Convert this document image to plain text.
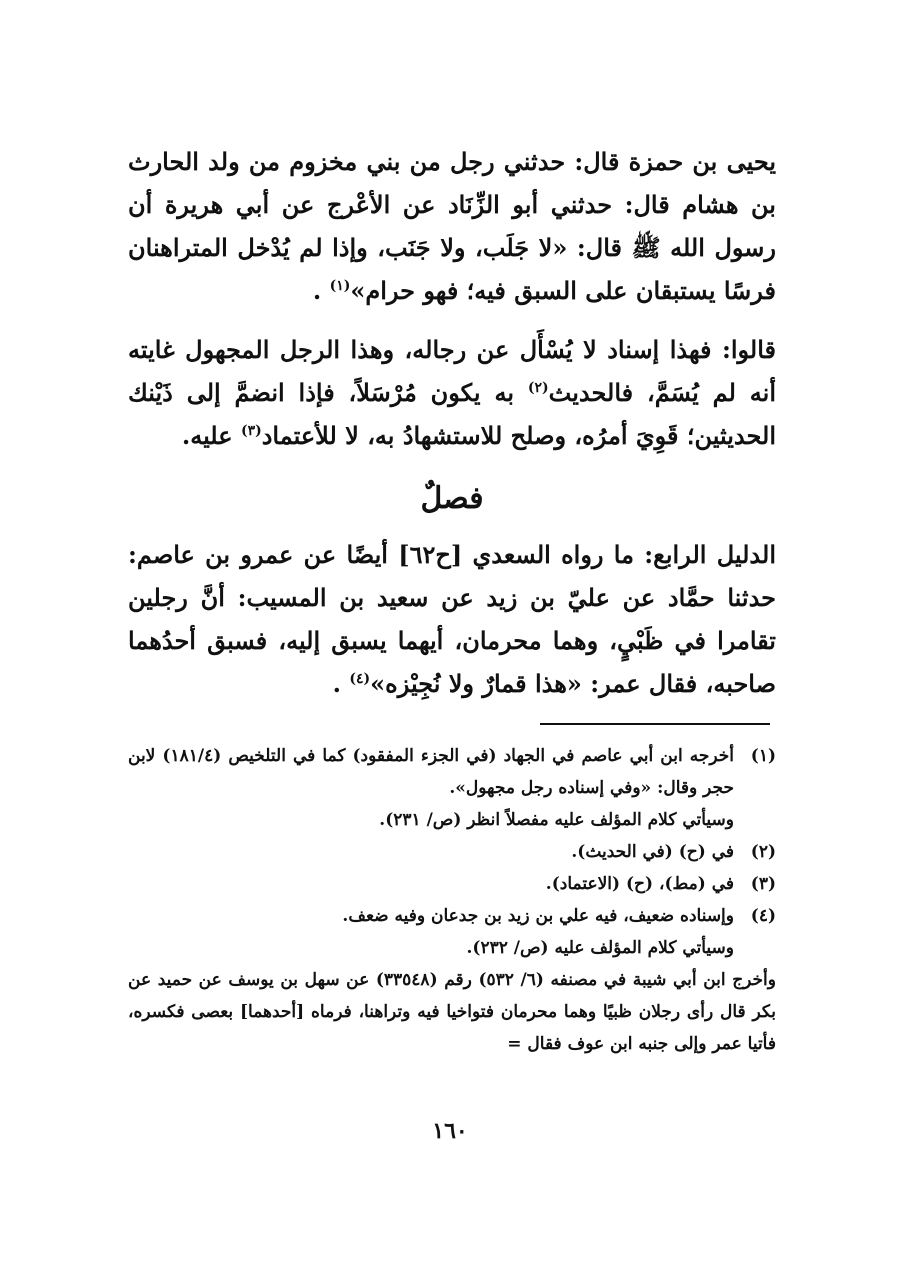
يحيى بن حمزة قال: حدثني رجل من بني مخزوم من ولد الحارث بن هشام قال: حدثني أبو الزِّنَاد عن الأعْرج عن أبي هريرة أن رسول الله ﷺ قال: «لا جَلَب، ولا جَنَب، وإذا لم يُدْخل المتراهنان فرسًا يستبقان على السبق فيه؛ فهو حرام»$^{(١)}$ .

قالوا: فهذا إسناد لا يُسْأَل عن رجاله، وهذا الرجل المجهول غايته أنه لم يُسَمَّ، فالحديث$^{(٢)}$ به يكون مُرْسَلاً، فإذا انضمَّ إلى ذَيْنك الحديثين؛ قَوِيَ أمرُه، وصلح للاستشهادُ به، لا للأعتماد$^{(٣)}$ عليه.

فصلٌ

الدليل الرابع: ما رواه السعدي [ح٦٢] أيضًا عن عمرو بن عاصم: حدثنا حمَّاد عن عليّ بن زيد عن سعيد بن المسيب: أنَّ رجلين تقامرا في ظَبْيٍ، وهما محرمان، أيهما يسبق إليه، فسبق أحدُهما صاحبه، فقال عمر: «هذا قمارٌ ولا نُجِيْزه»$^{(٤)}$ .

(١)
أخرجه ابن أبي عاصم في الجهاد (في الجزء المفقود) كما في التلخيص (١٨١/٤) لابن حجر وقال: «وفي إسناده رجل مجهول».
وسيأتي كلام المؤلف عليه مفصلاً انظر (ص/ ٢٣١).
(٢)
في (ح) (في الحديث).
(٣)
في (مط)، (ح) (الاعتماد).
(٤)
وإسناده ضعيف، فيه علي بن زيد بن جدعان وفيه ضعف.
وسيأتي كلام المؤلف عليه (ص/ ٢٣٢).
وأخرج ابن أبي شيبة في مصنفه (٦/ ٥٣٢) رقم (٣٣٥٤٨) عن سهل بن يوسف عن حميد عن بكر قال رأى رجلان ظبيًا وهما محرمان فتواخيا فيه وتراهنا، فرماه [أحدهما] بعصى فكسره، فأتيا عمر وإلى جنبه ابن عوف فقال =
١٦٠
